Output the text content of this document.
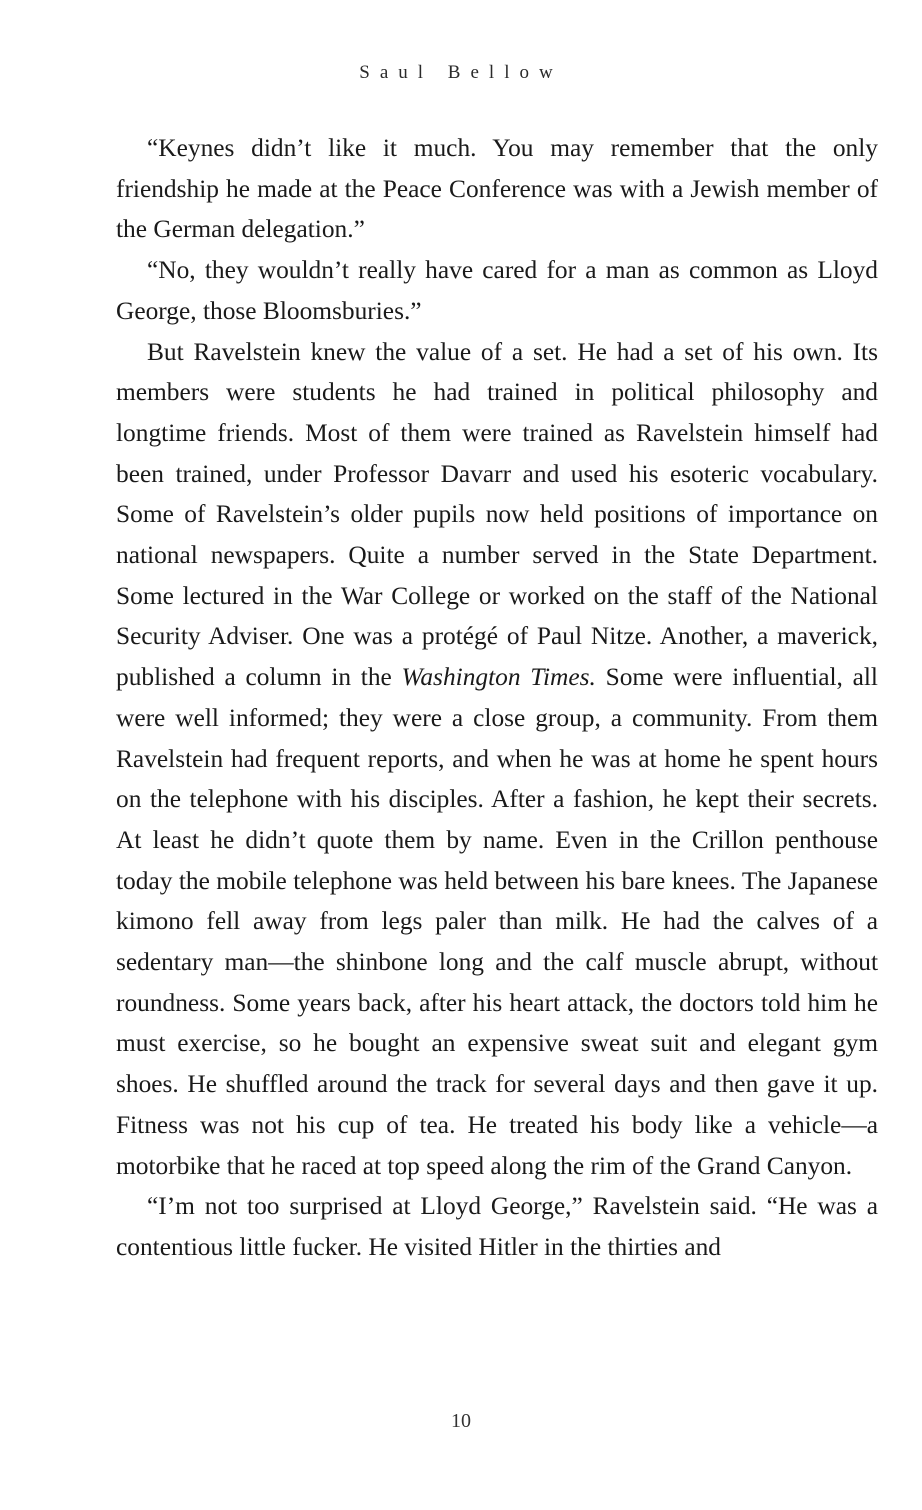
Saul Bellow

“Keynes didn’t like it much. You may remember that the only friendship he made at the Peace Conference was with a Jewish member of the German delegation.”

“No, they wouldn’t really have cared for a man as common as Lloyd George, those Bloomsburies.”

But Ravelstein knew the value of a set. He had a set of his own. Its members were students he had trained in political philosophy and longtime friends. Most of them were trained as Ravelstein himself had been trained, under Professor Davarr and used his esoteric vocabulary. Some of Ravelstein’s older pupils now held positions of importance on national newspapers. Quite a number served in the State Department. Some lectured in the War College or worked on the staff of the National Security Adviser. One was a protégé of Paul Nitze. Another, a maverick, published a column in the Washington Times. Some were influential, all were well informed; they were a close group, a community. From them Ravelstein had frequent reports, and when he was at home he spent hours on the telephone with his disciples. After a fashion, he kept their secrets. At least he didn’t quote them by name. Even in the Crillon penthouse today the mobile telephone was held between his bare knees. The Japanese kimono fell away from legs paler than milk. He had the calves of a sedentary man—the shinbone long and the calf muscle abrupt, without roundness. Some years back, after his heart attack, the doctors told him he must exercise, so he bought an expensive sweat suit and elegant gym shoes. He shuffled around the track for several days and then gave it up. Fitness was not his cup of tea. He treated his body like a vehicle—a motorbike that he raced at top speed along the rim of the Grand Canyon.

“I’m not too surprised at Lloyd George,” Ravelstein said. “He was a contentious little fucker. He visited Hitler in the thirties and

10
